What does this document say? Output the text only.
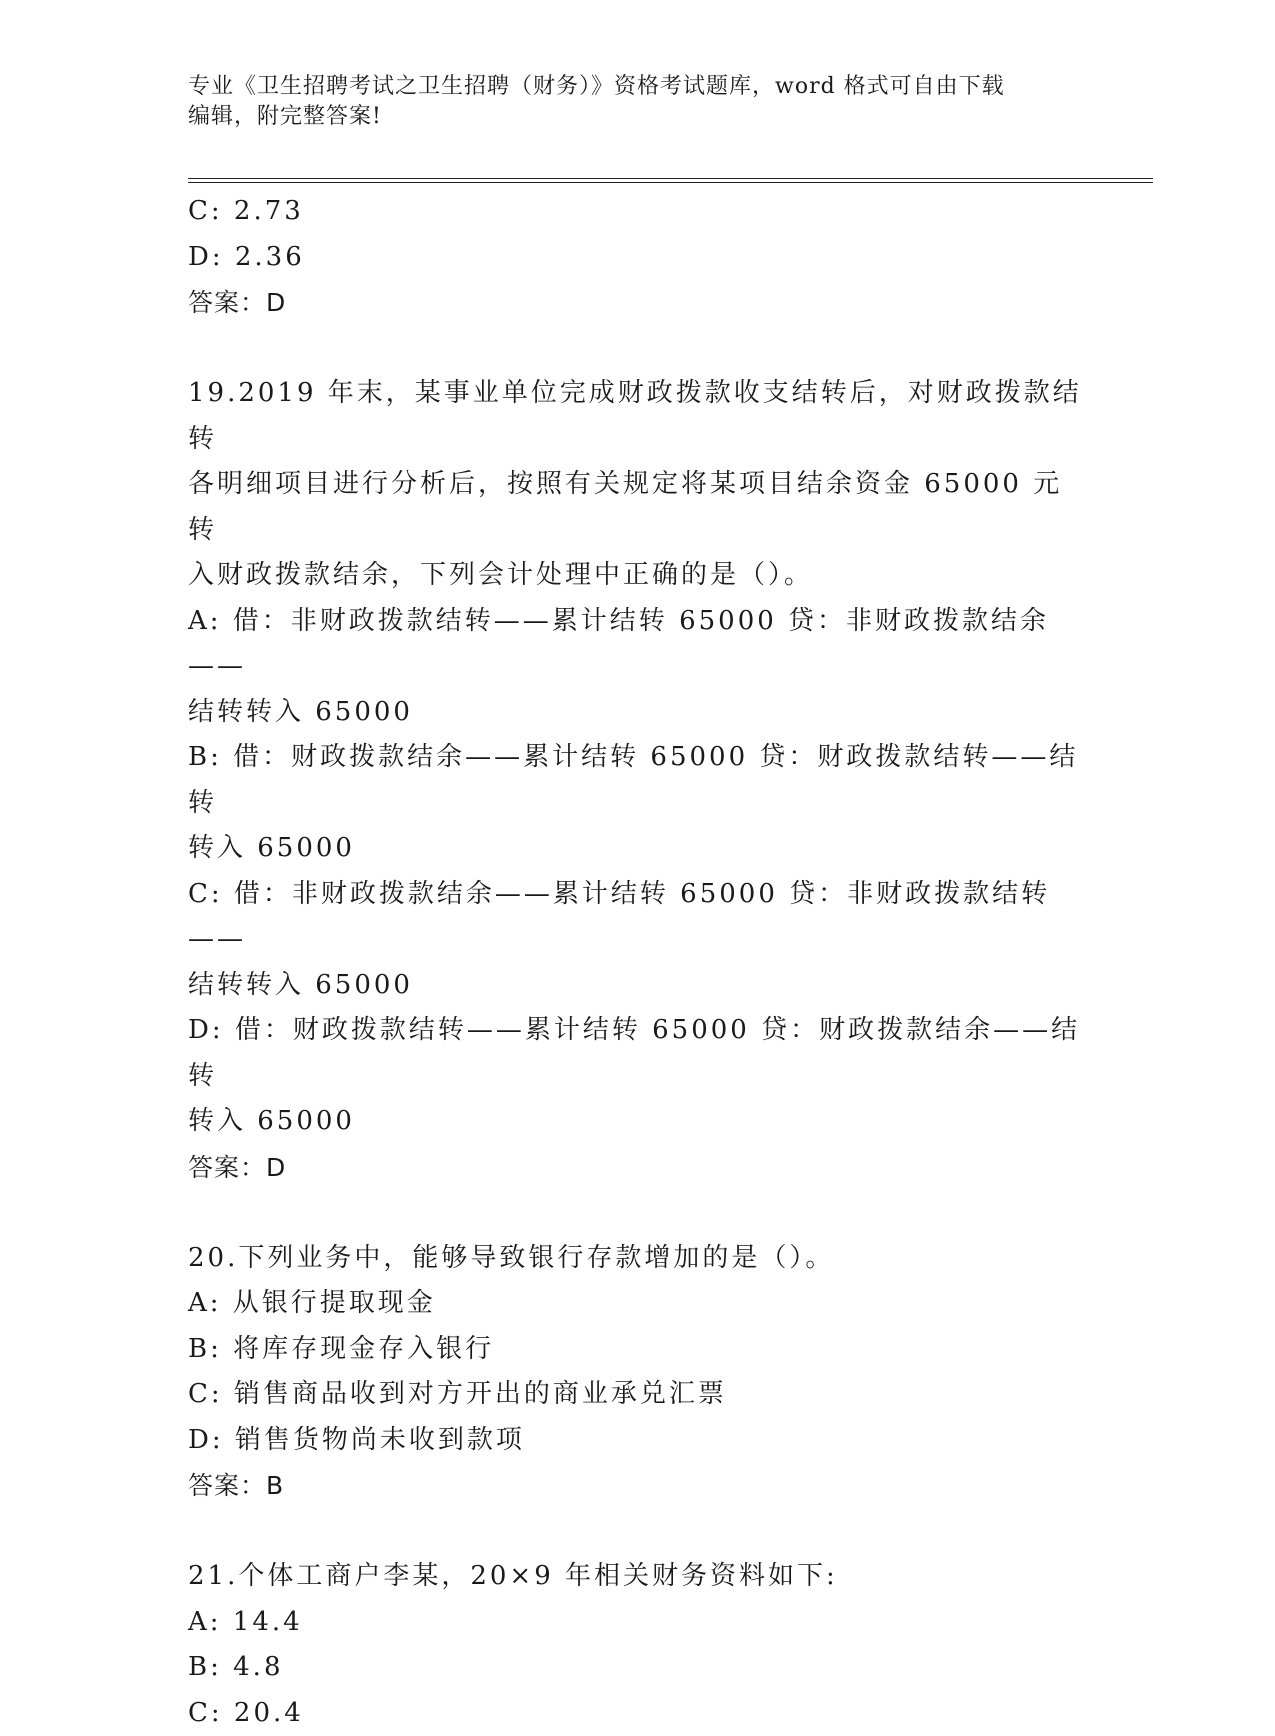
专业《卫生招聘考试之卫生招聘（财务）》资格考试题库，word 格式可自由下载

编辑，附完整答案!

C: 2.73

D: 2.36

答案：D

19.2019 年末，某事业单位完成财政拨款收支结转后，对财政拨款结转

各明细项目进行分析后，按照有关规定将某项目结余资金 65000 元转

入财政拨款结余，下列会计处理中正确的是（）。

A: 借：非财政拨款结转——累计结转 65000 贷：非财政拨款结余——

结转转入 65000

B: 借：财政拨款结余——累计结转 65000 贷：财政拨款结转——结转

转入 65000

C: 借：非财政拨款结余——累计结转 65000 贷：非财政拨款结转——

结转转入 65000

D: 借：财政拨款结转——累计结转 65000 贷：财政拨款结余——结转

转入 65000

答案：D

20.下列业务中，能够导致银行存款增加的是（）。

A: 从银行提取现金

B: 将库存现金存入银行

C: 销售商品收到对方开出的商业承兑汇票

D: 销售货物尚未收到款项

答案：B

21.个体工商户李某，20×9 年相关财务资料如下:

A: 14.4

B: 4.8

C: 20.4
